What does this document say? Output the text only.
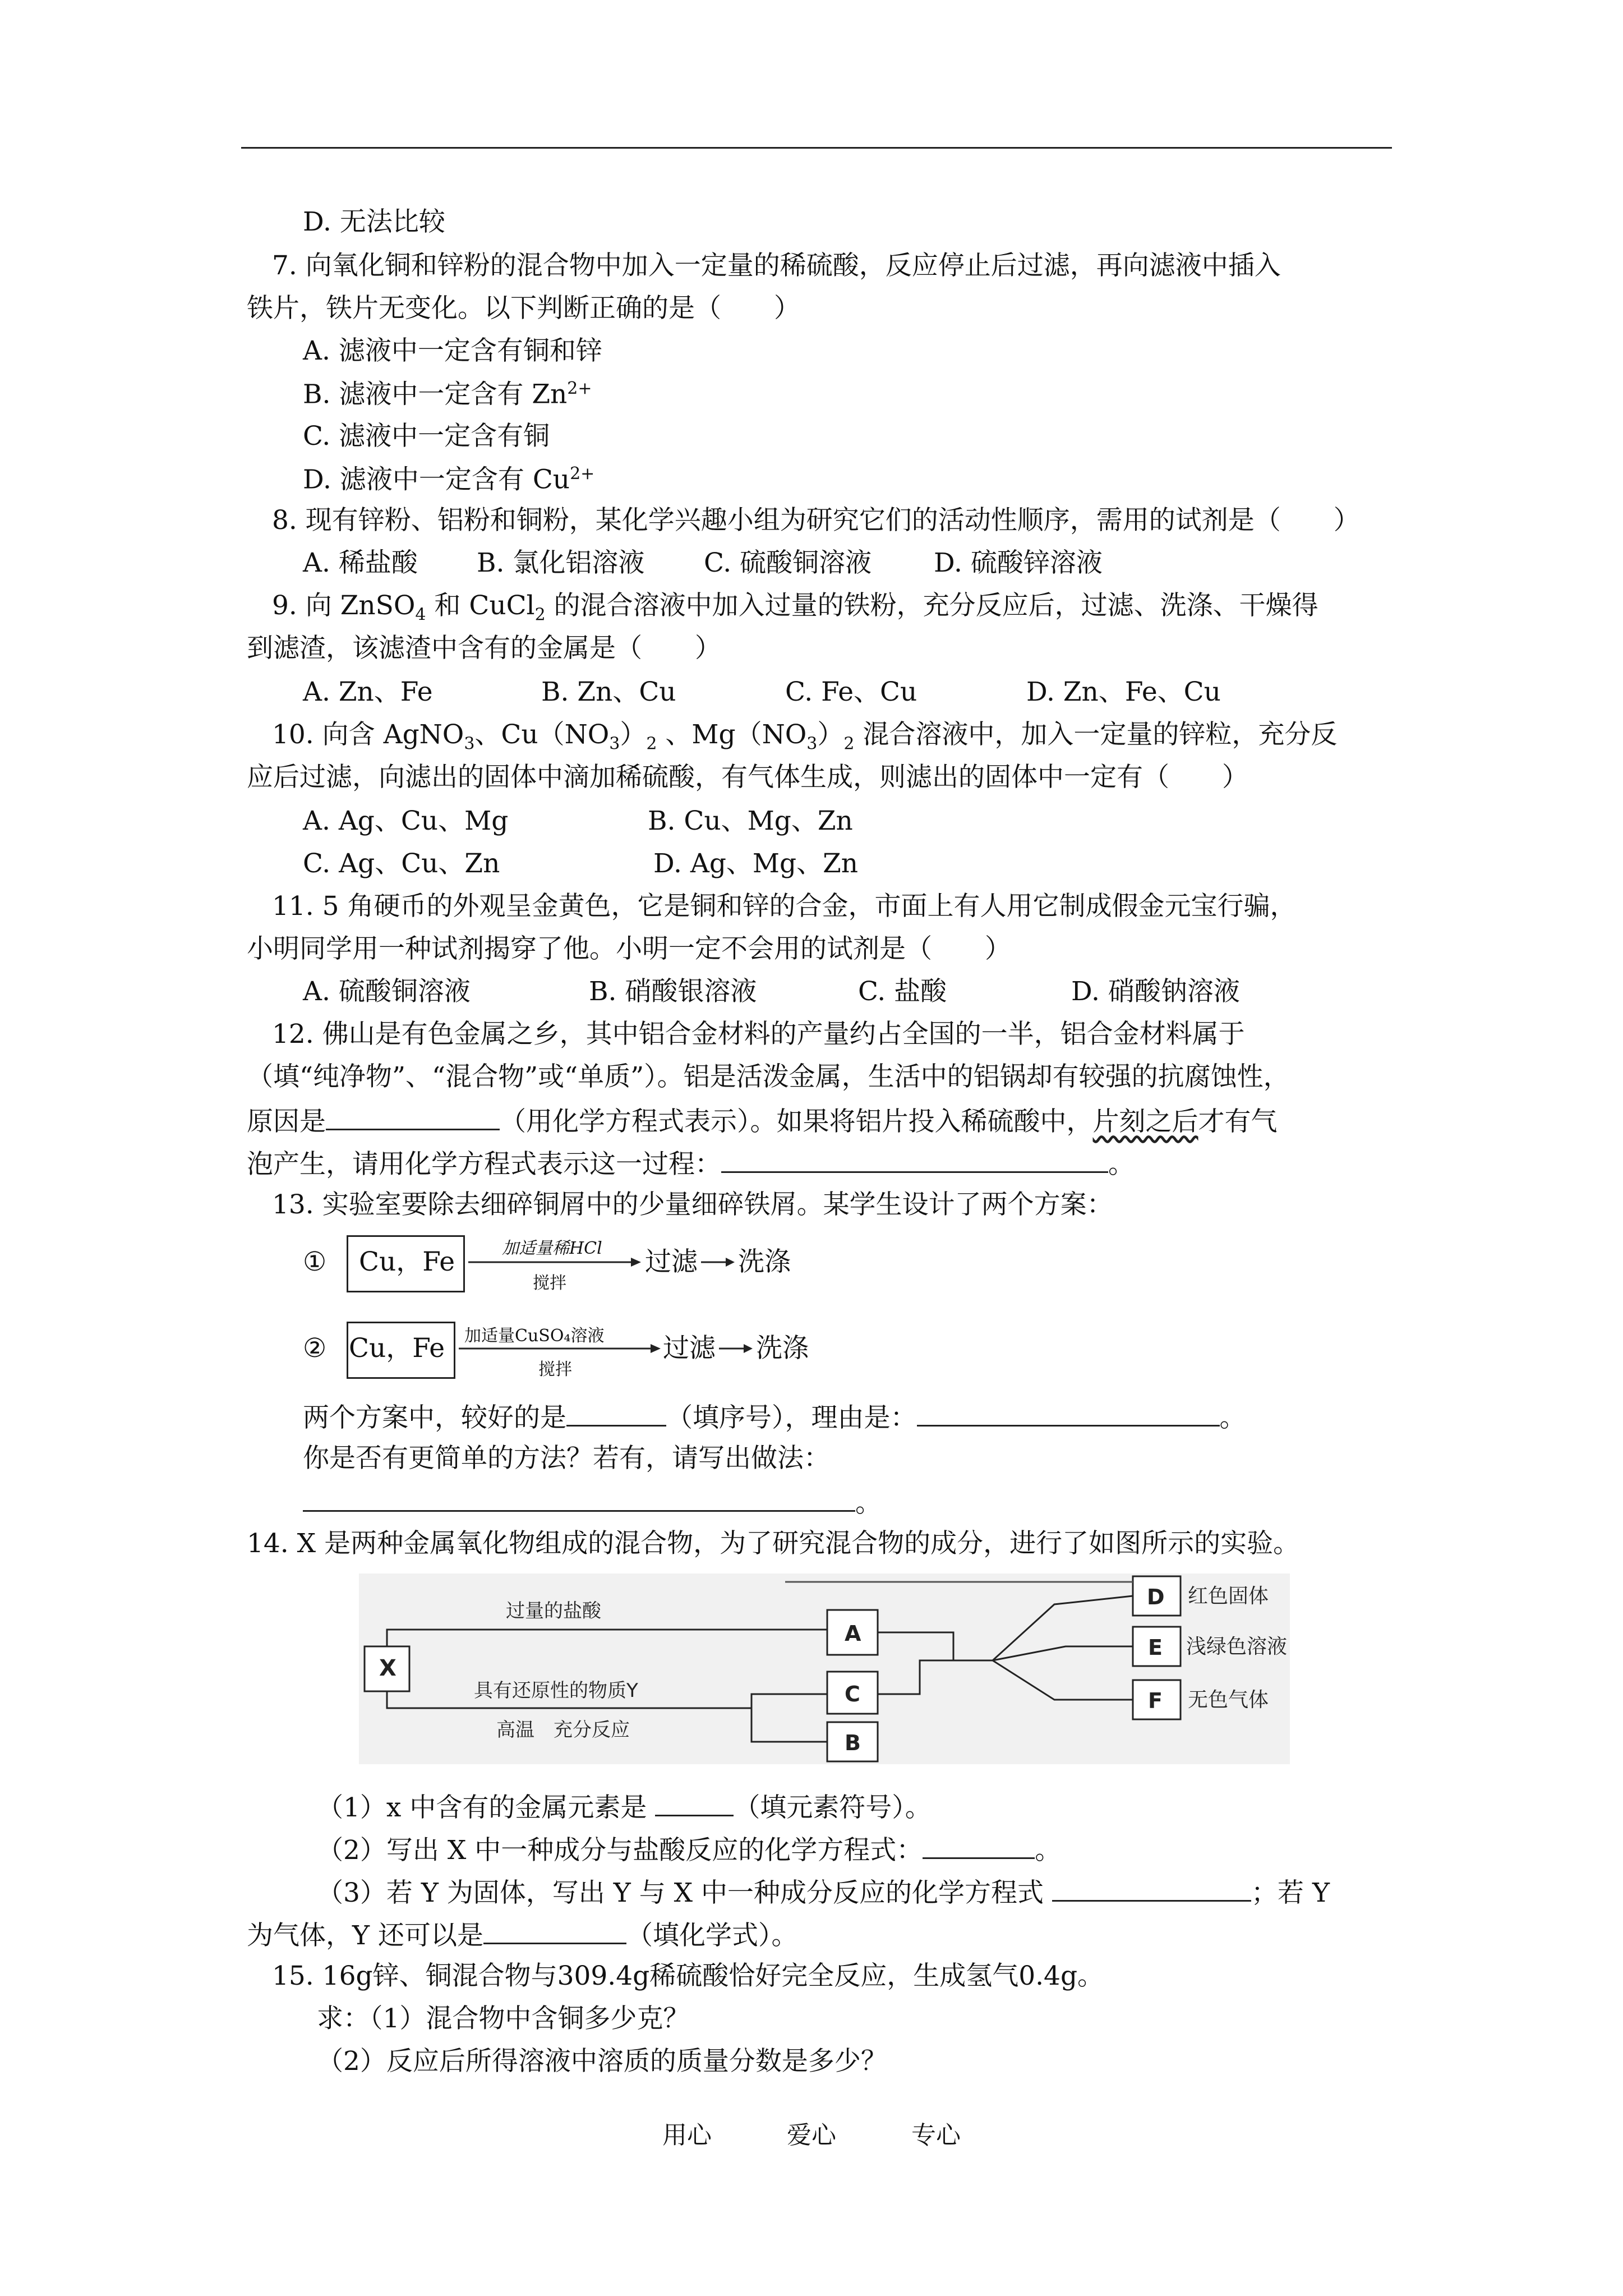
D. 无法比较
7. 向氧化铜和锌粉的混合物中加入一定量的稀硫酸，反应停止后过滤，再向滤液中插入
铁片，铁片无变化。以下判断正确的是（　　）
A. 滤液中一定含有铜和锌
B. 滤液中一定含有 $Zn^{2+}$
C. 滤液中一定含有铜
D. 滤液中一定含有 $Cu^{2+}$
8. 现有锌粉、铝粉和铜粉，某化学兴趣小组为研究它们的活动性顺序，需用的试剂是（　　）
A. 稀盐酸 B. 氯化铝溶液 C. 硫酸铜溶液 D. 硫酸锌溶液
9. 向 ZnSO$_4$ 和 CuCl$_2$ 的混合溶液中加入过量的铁粉，充分反应后，过滤、洗涤、干燥得
到滤渣，该滤渣中含有的金属是（　　）
A. Zn、Fe	B. Zn、Cu	C. Fe、Cu	D. Zn、Fe、Cu
10. 向含 AgNO$_3$、$Cu(NO_3)_2$ 、$Mg(NO_3)_2$ 混合溶液中，加入一定量的锌粒，充分反
应后过滤，向滤出的固体中滴加稀硫酸，有气体生成，则滤出的固体中一定有（　　）
A. Ag、Cu、Mg	B. Cu、Mg、Zn
C. Ag、Cu、Zn	D. Ag、Mg、Zn
11. 5 角硬币的外观呈金黄色，它是铜和锌的合金，市面上有人用它制成假金元宝行骗，
小明同学用一种试剂揭穿了他。小明一定不会用的试剂是（　　）
A. 硫酸铜溶液	B. 硝酸银溶液	C. 盐酸	D. 硝酸钠溶液
12. 佛山是有色金属之乡，其中铝合金材料的产量约占全国的一半，铝合金材料属于
（填“纯净物”、“混合物”或“单质”）。铝是活泼金属，生活中的铝锅却有较强的抗腐蚀性，
原因是	（用化学方程式表示）。如果将铝片投入稀硫酸中，片刻之后才有气
泡产生，请用化学方程式表示这一过程：	。
13. 实验室要除去细碎铜屑中的少量细碎铁屑。某学生设计了两个方案：
① Cu，Fe	加适量稀HCl
搅拌
过滤 洗涤
② Cu，Fe 加适量CuSO₄溶液
搅拌
过滤 洗涤
两个方案中，较好的是	（填序号），理由是：	。
你是否有更简单的方法？若有，请写出做法：
。
14. X 是两种金属氧化物组成的混合物，为了研究混合物的成分，进行了如图所示的实验。
X
过量的盐酸
具有还原性的物质Y
高温　充分反应
A
C
B
D
E
F
红色固体
浅绿色溶液
无色气体
（1）x 中含有的金属元素是	（填元素符号）。
（2）写出 X 中一种成分与盐酸反应的化学方程式：	。
（3）若 Y 为固体，写出 Y 与 X 中一种成分反应的化学方程式	；若 Y
为气体，Y 还可以是	（填化学式）。
15. 16g锌、铜混合物与309.4g稀硫酸恰好完全反应，生成氢气0.4g。
求：（1）混合物中含铜多少克？
（2）反应后所得溶液中溶质的质量分数是多少？
用心	爱心	专心
